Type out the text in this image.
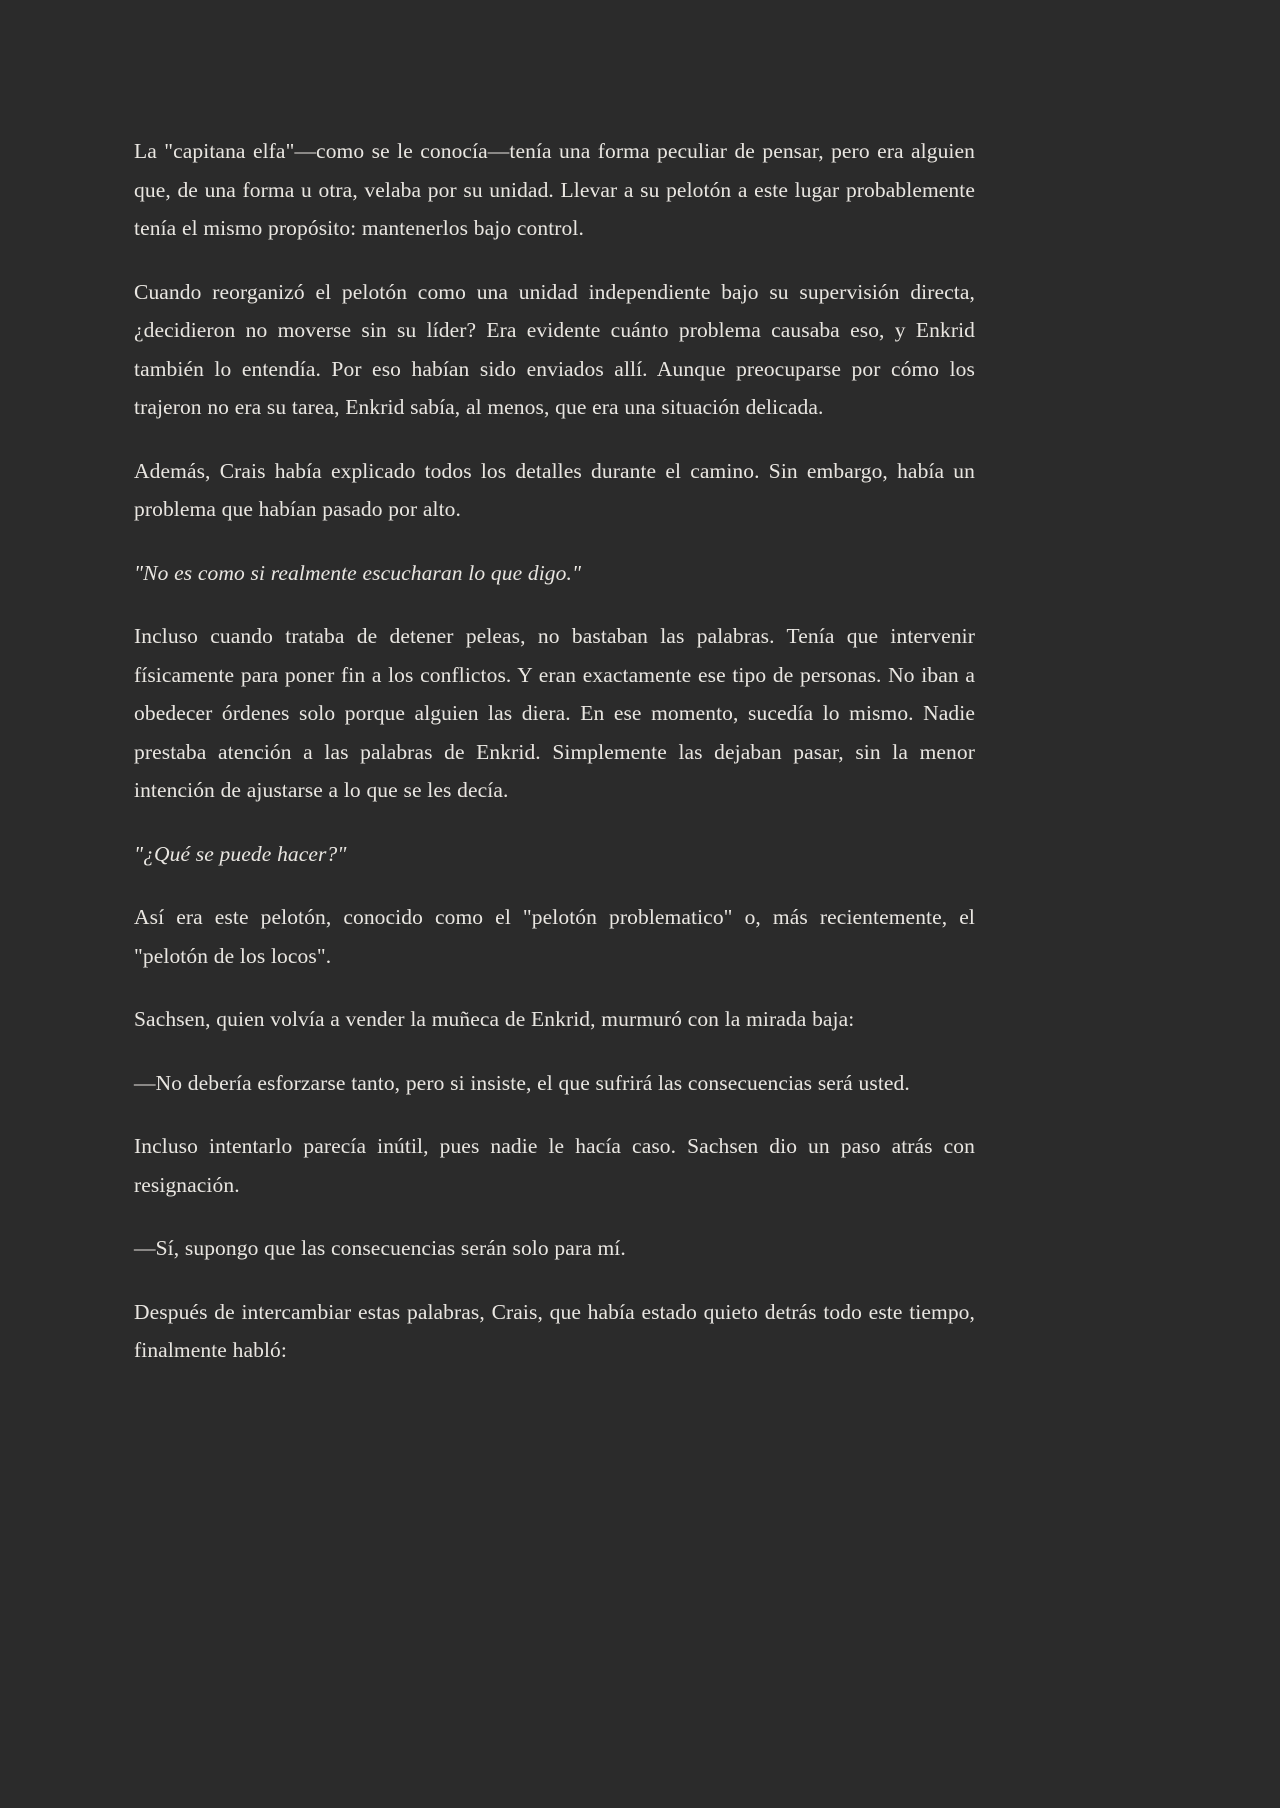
La "capitana elfa"—como se le conocía—tenía una forma peculiar de pensar, pero era alguien que, de una forma u otra, velaba por su unidad. Llevar a su pelotón a este lugar probablemente tenía el mismo propósito: mantenerlos bajo control.

Cuando reorganizó el pelotón como una unidad independiente bajo su supervisión directa, ¿decidieron no moverse sin su líder? Era evidente cuánto problema causaba eso, y Enkrid también lo entendía. Por eso habían sido enviados allí. Aunque preocuparse por cómo los trajeron no era su tarea, Enkrid sabía, al menos, que era una situación delicada.

Además, Crais había explicado todos los detalles durante el camino. Sin embargo, había un problema que habían pasado por alto.

"No es como si realmente escucharan lo que digo."

Incluso cuando trataba de detener peleas, no bastaban las palabras. Tenía que intervenir físicamente para poner fin a los conflictos. Y eran exactamente ese tipo de personas. No iban a obedecer órdenes solo porque alguien las diera. En ese momento, sucedía lo mismo. Nadie prestaba atención a las palabras de Enkrid. Simplemente las dejaban pasar, sin la menor intención de ajustarse a lo que se les decía.

"¿Qué se puede hacer?"

Así era este pelotón, conocido como el "pelotón problematico" o, más recientemente, el "pelotón de los locos".

Sachsen, quien volvía a vender la muñeca de Enkrid, murmuró con la mirada baja:

—No debería esforzarse tanto, pero si insiste, el que sufrirá las consecuencias será usted.

Incluso intentarlo parecía inútil, pues nadie le hacía caso. Sachsen dio un paso atrás con resignación.

—Sí, supongo que las consecuencias serán solo para mí.

Después de intercambiar estas palabras, Crais, que había estado quieto detrás todo este tiempo, finalmente habló:
